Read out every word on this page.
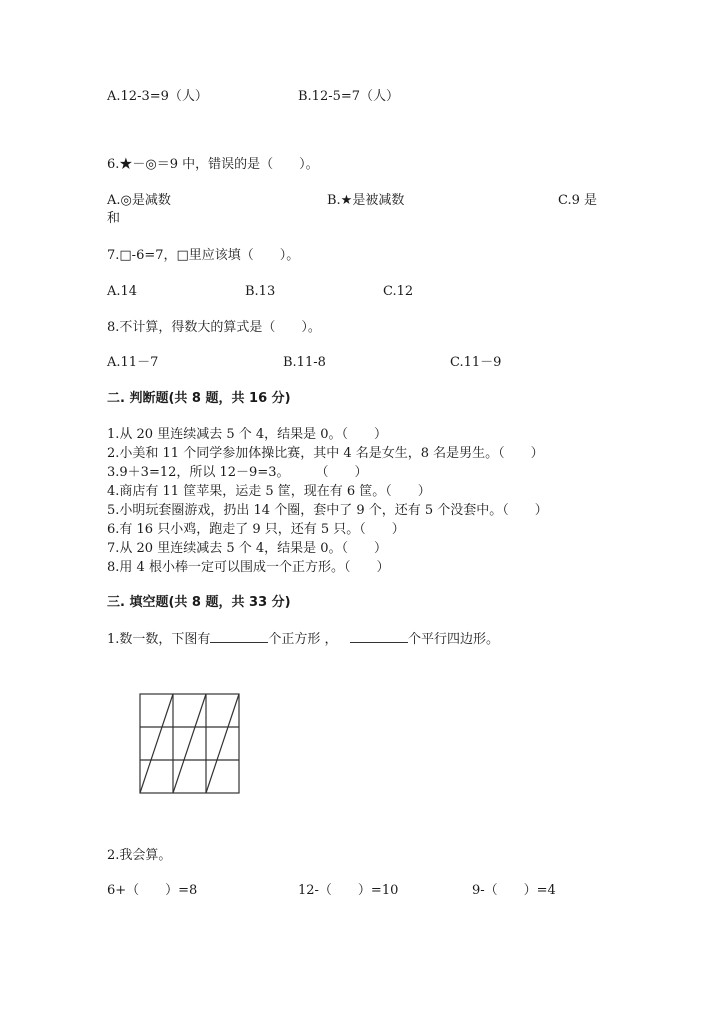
A.12-3=9（人）	B.12-5=7（人）
6.★－◎＝9 中，错误的是（　　）。
A.◎是减数	B.★是被减数	C.9 是
和
7.□-6=7，□里应该填（　　）。
A.14	B.13	C.12
8.不计算，得数大的算式是（　　）。
A.11－7	B.11-8	C.11－9
二. 判断题(共 8 题，共 16 分)
1.从 20 里连续减去 5 个 4，结果是 0。（　　）
2.小美和 11 个同学参加体操比赛，其中 4 名是女生，8 名是男生。（　　）
3.9＋3=12，所以 12－9=3。　　　（　　）
4.商店有 11 筐苹果，运走 5 筐，现在有 6 筐。（　　）
5.小明玩套圈游戏，扔出 14 个圈，套中了 9 个，还有 5 个没套中。（　　）
6.有 16 只小鸡，跑走了 9 只，还有 5 只。（　　）
7.从 20 里连续减去 5 个 4，结果是 0。（　　）
8.用 4 根小棒一定可以围成一个正方形。（　　）
三. 填空题(共 8 题，共 33 分)
1.数一数，下图有	个正方形 ，	个平行四边形。
2.我会算。
6+（　　）=8	12-（　　）=10	9-（　　）=4
